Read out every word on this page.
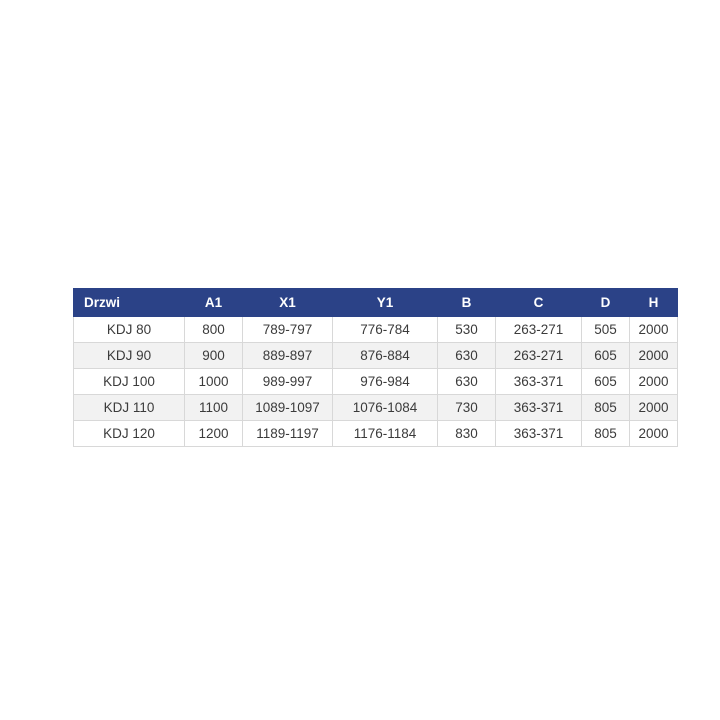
Drzwi	A1	X1	Y1	B	C	D	H
KDJ 80	800	789-797	776-784	530	263-271	505	2000
KDJ 90	900	889-897	876-884	630	263-271	605	2000
KDJ 100	1000	989-997	976-984	630	363-371	605	2000
KDJ 110	1100	1089-1097	1076-1084	730	363-371	805	2000
KDJ 120	1200	1189-1197	1176-1184	830	363-371	805	2000
